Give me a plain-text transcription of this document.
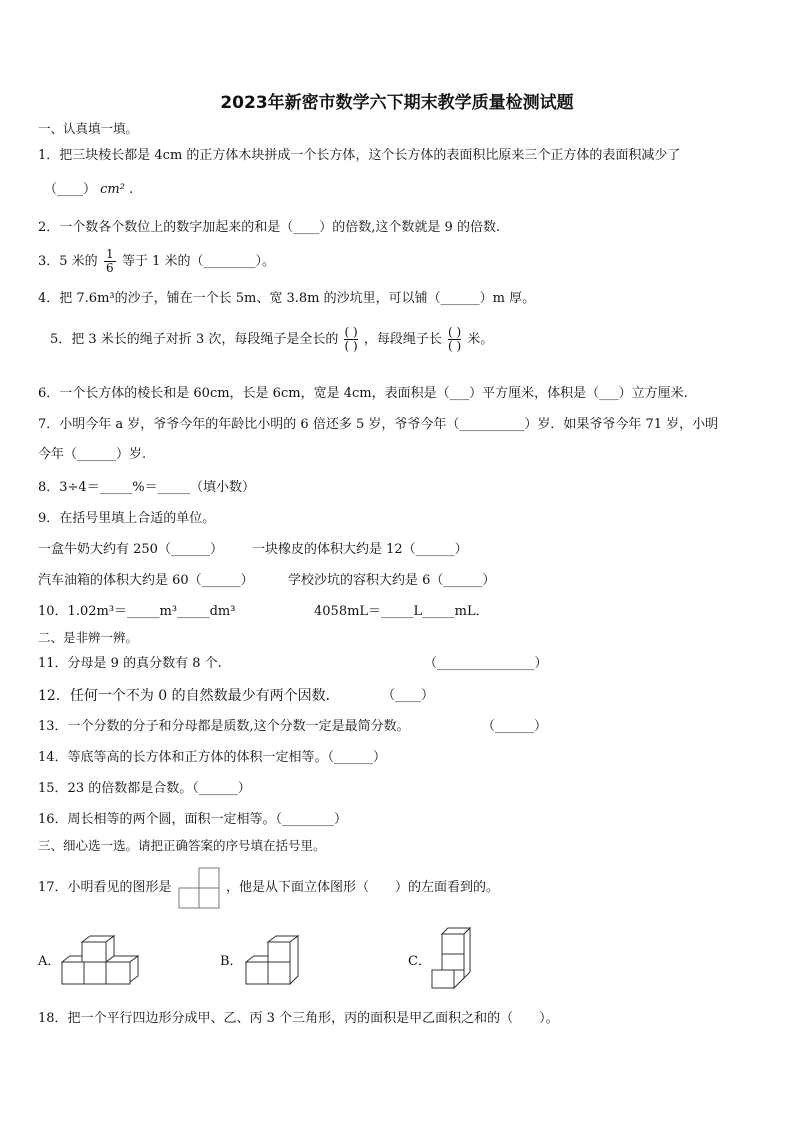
2023年新密市数学六下期末教学质量检测试题
一、认真填一填。
1．把三块棱长都是 4cm 的正方体木块拼成一个长方体，这个长方体的表面积比原来三个正方体的表面积减少了
（____） cm² .
2．一个数各个数位上的数字加起来的和是（____）的倍数,这个数就是 9 的倍数.
3．5 米的 $\frac{1}{6}$ 等于 1 米的（________）。
4．把 7.6m³的沙子，铺在一个长 5m、宽 3.8m 的沙坑里，可以铺（______）m 厚。
5．把 3 米长的绳子对折 3 次，每段绳子是全长的 $\frac{( )}{( )}$ ，每段绳子长 $\frac{( )}{( )}$ 米。
6．一个长方体的棱长和是 60cm，长是 6cm，宽是 4cm，表面积是（___）平方厘米，体积是（___）立方厘米.
7．小明今年 a 岁，爷爷今年的年龄比小明的 6 倍还多 5 岁，爷爷今年（__________）岁．如果爷爷今年 71 岁，小明
今年（______）岁.
8．3÷4＝_____%＝_____（填小数）
9．在括号里填上合适的单位。
一盒牛奶大约有 250（______） 一块橡皮的体积大约是 12（______）
汽车油箱的体积大约是 60（______）	学校沙坑的容积大约是 6（______）
10．1.02m³＝_____m³_____dm³	4058mL＝_____L_____mL．
二、是非辨一辨。
11．分母是 9 的真分数有 8 个.	（_______________）
12．任何一个不为 0 的自然数最少有两个因数．	（____）
13．一个分数的分子和分母都是质数,这个分数一定是最简分数。	（______）
14．等底等高的长方体和正方体的体积一定相等。（______）
15．23 的倍数都是合数。（______）
16．周长相等的两个圆，面积一定相等。（________）
三、细心选一选。请把正确答案的序号填在括号里。
17．小明看见的图形是	，他是从下面立体图形（　　）的左面看到的。
A．	B．	C．
18．把一个平行四边形分成甲、乙、丙 3 个三角形，丙的面积是甲乙面积之和的（　　）。
